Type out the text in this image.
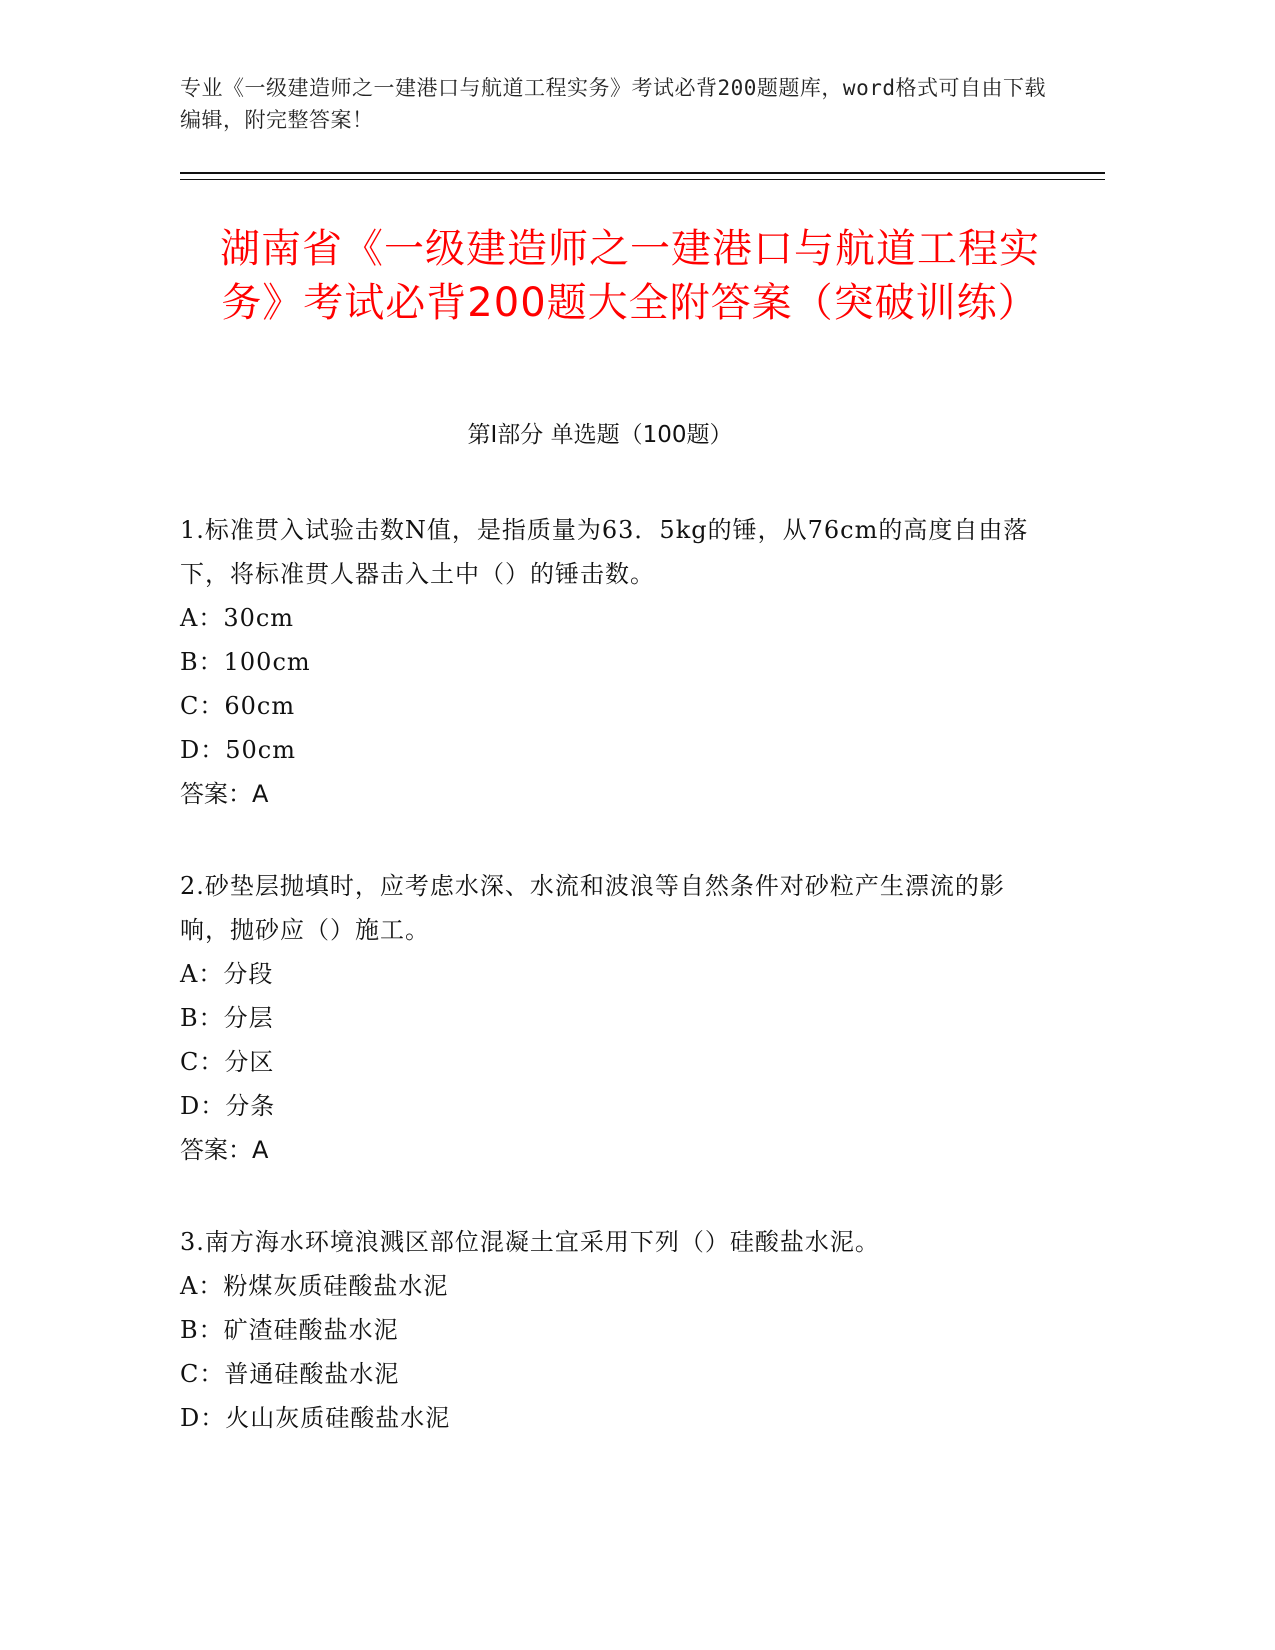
专业《一级建造师之一建港口与航道工程实务》考试必背200题题库，word格式可自由下载编辑，附完整答案！
湖南省《一级建造师之一建港口与航道工程实务》考试必背200题大全附答案（突破训练）
第Ⅰ部分 单选题（100题）
1.标准贯入试验击数N值，是指质量为63．5kg的锤，从76cm的高度自由落下，将标准贯人器击入土中（）的锤击数。
A：30cm
B：100cm
C：60cm
D：50cm
答案：A
2.砂垫层抛填时，应考虑水深、水流和波浪等自然条件对砂粒产生漂流的影响，抛砂应（）施工。
A：分段
B：分层
C：分区
D：分条
答案：A
3.南方海水环境浪溅区部位混凝土宜采用下列（）硅酸盐水泥。
A：粉煤灰质硅酸盐水泥
B：矿渣硅酸盐水泥
C：普通硅酸盐水泥
D：火山灰质硅酸盐水泥
